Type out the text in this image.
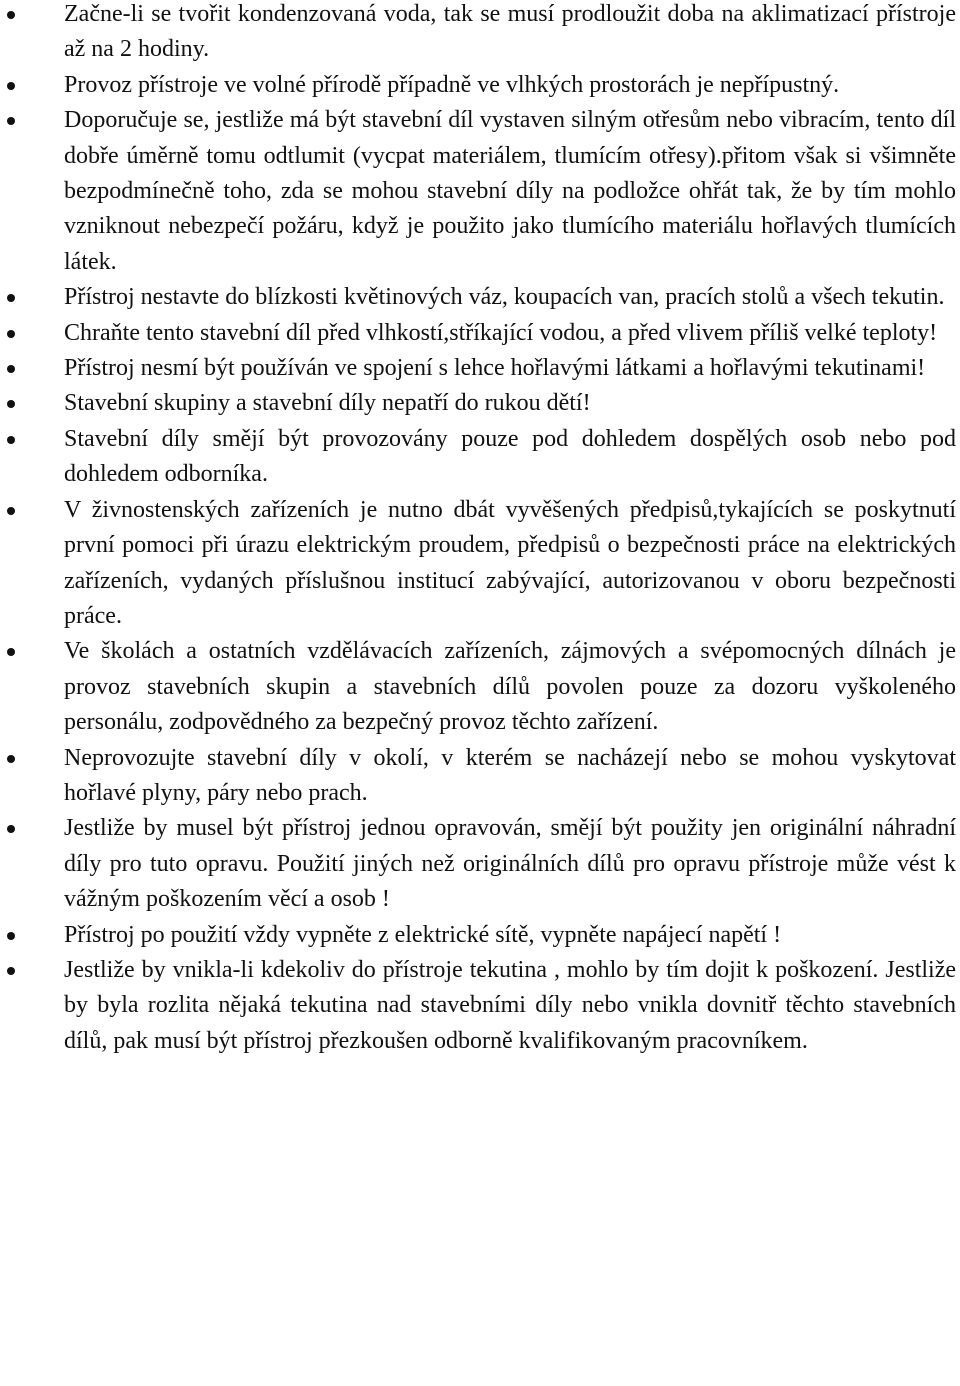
Začne-li se tvořit kondenzovaná voda, tak se musí prodloužit doba na aklimatizací přístroje až na 2 hodiny.
Provoz přístroje ve volné přírodě případně ve vlhkých prostorách je nepřípustný.
Doporučuje se, jestliže má být stavební díl vystaven silným otřesům nebo vibracím, tento díl dobře úměrně tomu odtlumit (vycpat materiálem, tlumícím otřesy).přitom však si všimněte bezpodmínečně toho, zda se mohou stavební díly na podložce ohřát tak, že by tím mohlo vzniknout nebezpečí požáru, když je použito jako tlumícího materiálu hořlavých tlumících látek.
Přístroj nestavte do blízkosti květinových váz, koupacích van, pracích stolů a všech tekutin.
Chraňte tento stavební díl před vlhkostí,stříkající vodou, a před vlivem příliš velké teploty!
Přístroj nesmí být používán ve spojení s lehce hořlavými látkami a hořlavými tekutinami!
Stavební skupiny a stavební díly nepatří do rukou dětí!
Stavební díly smějí být provozovány pouze pod dohledem dospělých osob nebo pod dohledem odborníka.
V živnostenských zařízeních je nutno dbát vyvěšených předpisů,tykajících se poskytnutí první pomoci při úrazu elektrickým proudem, předpisů o bezpečnosti práce na elektrických zařízeních, vydaných příslušnou institucí zabývající, autorizovanou v oboru bezpečnosti práce.
Ve školách a ostatních vzdělávacích zařízeních, zájmových a svépomocných dílnách je provoz stavebních skupin a stavebních dílů povolen pouze za dozoru vyškoleného personálu, zodpovědného za bezpečný provoz těchto zařízení.
Neprovozujte stavební díly v okolí, v kterém se nacházejí nebo se mohou vyskytovat hořlavé plyny, páry nebo prach.
Jestliže by musel být přístroj jednou opravován, smějí být použity jen originální náhradní díly pro tuto opravu. Použití jiných než originálních dílů pro opravu přístroje může vést k vážným poškozením věcí a osob !
Přístroj po použití vždy vypněte z elektrické sítě, vypněte napájecí napětí !
Jestliže by vnikla-li kdekoliv do přístroje tekutina , mohlo by tím dojit k poškození. Jestliže by byla rozlita nějaká tekutina nad stavebními díly nebo vnikla dovnitř těchto stavebních dílů, pak musí být přístroj přezkoušen odborně kvalifikovaným pracovníkem.
